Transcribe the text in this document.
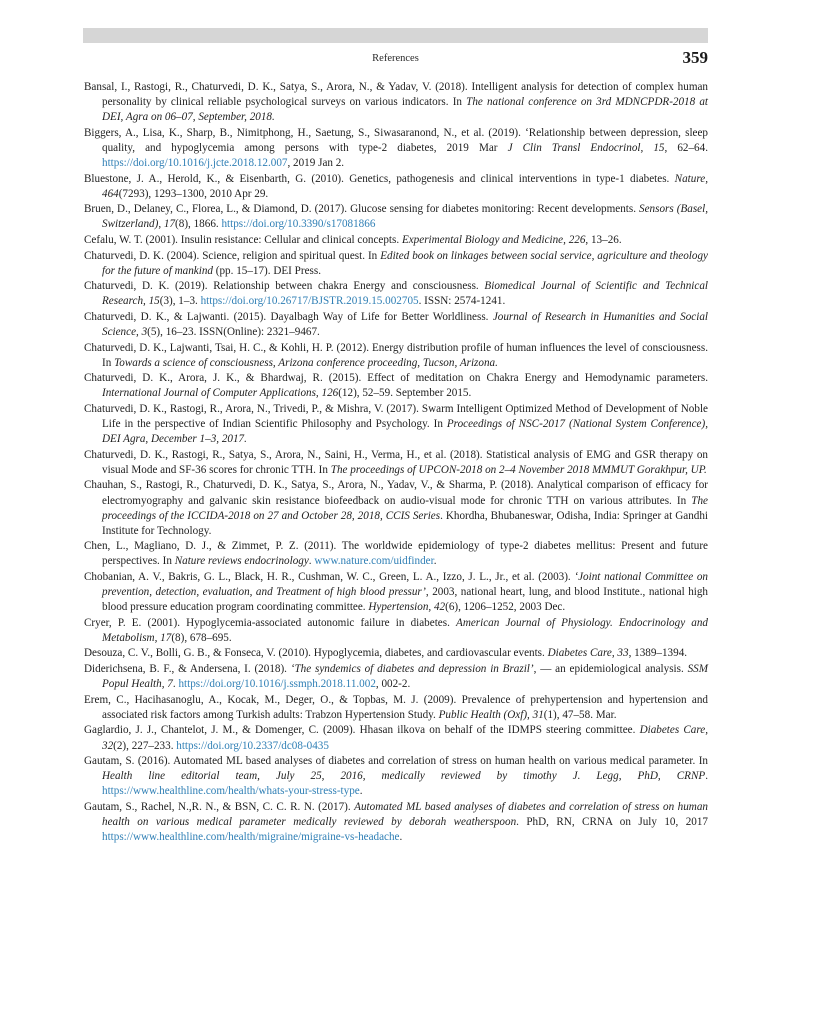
References	359

Bansal, I., Rastogi, R., Chaturvedi, D. K., Satya, S., Arora, N., & Yadav, V. (2018). Intelligent analysis for detection of complex human personality by clinical reliable psychological surveys on various indicators. In The national conference on 3rd MDNCPDR-2018 at DEI, Agra on 06–07, September, 2018.

Biggers, A., Lisa, K., Sharp, B., Nimitphong, H., Saetung, S., Siwasaranond, N., et al. (2019). ‘Relationship between depression, sleep quality, and hypoglycemia among persons with type-2 diabetes, 2019 Mar J Clin Transl Endocrinol, 15, 62–64. https://doi.org/10.1016/j.jcte.2018.12.007, 2019 Jan 2.

Bluestone, J. A., Herold, K., & Eisenbarth, G. (2010). Genetics, pathogenesis and clinical interventions in type-1 diabetes. Nature, 464(7293), 1293–1300, 2010 Apr 29.

Bruen, D., Delaney, C., Florea, L., & Diamond, D. (2017). Glucose sensing for diabetes monitoring: Recent developments. Sensors (Basel, Switzerland), 17(8), 1866. https://doi.org/10.3390/s17081866

Cefalu, W. T. (2001). Insulin resistance: Cellular and clinical concepts. Experimental Biology and Medicine, 226, 13–26.

Chaturvedi, D. K. (2004). Science, religion and spiritual quest. In Edited book on linkages between social service, agriculture and theology for the future of mankind (pp. 15–17). DEI Press.

Chaturvedi, D. K. (2019). Relationship between chakra Energy and consciousness. Biomedical Journal of Scientific and Technical Research, 15(3), 1–3. https://doi.org/10.26717/BJSTR.2019.15.002705. ISSN: 2574-1241.

Chaturvedi, D. K., & Lajwanti. (2015). Dayalbagh Way of Life for Better Worldliness. Journal of Research in Humanities and Social Science, 3(5), 16–23. ISSN(Online): 2321–9467.

Chaturvedi, D. K., Lajwanti, Tsai, H. C., & Kohli, H. P. (2012). Energy distribution profile of human influences the level of consciousness. In Towards a science of consciousness, Arizona conference proceeding, Tucson, Arizona.

Chaturvedi, D. K., Arora, J. K., & Bhardwaj, R. (2015). Effect of meditation on Chakra Energy and Hemodynamic parameters. International Journal of Computer Applications, 126(12), 52–59. September 2015.

Chaturvedi, D. K., Rastogi, R., Arora, N., Trivedi, P., & Mishra, V. (2017). Swarm Intelligent Optimized Method of Development of Noble Life in the perspective of Indian Scientific Philosophy and Psychology. In Proceedings of NSC-2017 (National System Conference), DEI Agra, December 1–3, 2017.

Chaturvedi, D. K., Rastogi, R., Satya, S., Arora, N., Saini, H., Verma, H., et al. (2018). Statistical analysis of EMG and GSR therapy on visual Mode and SF-36 scores for chronic TTH. In The proceedings of UPCON-2018 on 2–4 November 2018 MMMUT Gorakhpur, UP.

Chauhan, S., Rastogi, R., Chaturvedi, D. K., Satya, S., Arora, N., Yadav, V., & Sharma, P. (2018). Analytical comparison of efficacy for electromyography and galvanic skin resistance biofeedback on audio-visual mode for chronic TTH on various attributes. In The proceedings of the ICCIDA-2018 on 27 and October 28, 2018, CCIS Series. Khordha, Bhubaneswar, Odisha, India: Springer at Gandhi Institute for Technology.

Chen, L., Magliano, D. J., & Zimmet, P. Z. (2011). The worldwide epidemiology of type-2 diabetes mellitus: Present and future perspectives. In Nature reviews endocrinology. www.nature.com/uidfinder.

Chobanian, A. V., Bakris, G. L., Black, H. R., Cushman, W. C., Green, L. A., Izzo, J. L., Jr., et al. (2003). ‘Joint national Committee on prevention, detection, evaluation, and Treatment of high blood pressur’, 2003, national heart, lung, and blood Institute., national high blood pressure education program coordinating committee. Hypertension, 42(6), 1206–1252, 2003 Dec.

Cryer, P. E. (2001). Hypoglycemia-associated autonomic failure in diabetes. American Journal of Physiology. Endocrinology and Metabolism, 17(8), 678–695.

Desouza, C. V., Bolli, G. B., & Fonseca, V. (2010). Hypoglycemia, diabetes, and cardiovascular events. Diabetes Care, 33, 1389–1394.

Diderichsena, B. F., & Andersena, I. (2018). ‘The syndemics of diabetes and depression in Brazil’, — an epidemiological analysis. SSM Popul Health, 7. https://doi.org/10.1016/j.ssmph.2018.11.002, 002-2.

Erem, C., Hacihasanoglu, A., Kocak, M., Deger, O., & Topbas, M. J. (2009). Prevalence of prehypertension and hypertension and associated risk factors among Turkish adults: Trabzon Hypertension Study. Public Health (Oxf), 31(1), 47–58. Mar.

Gaglardio, J. J., Chantelot, J. M., & Domenger, C. (2009). Hhasan ilkova on behalf of the IDMPS steering committee. Diabetes Care, 32(2), 227–233. https://doi.org/10.2337/dc08-0435

Gautam, S. (2016). Automated ML based analyses of diabetes and correlation of stress on human health on various medical parameter. In Health line editorial team, July 25, 2016, medically reviewed by timothy J. Legg, PhD, CRNP. https://www.healthline.com/health/whats-your-stress-type.

Gautam, S., Rachel, N.,R. N., & BSN, C. C. R. N. (2017). Automated ML based analyses of diabetes and correlation of stress on human health on various medical parameter medically reviewed by deborah weatherspoon. PhD, RN, CRNA on July 10, 2017 https://www.healthline.com/health/migraine/migraine-vs-headache.
